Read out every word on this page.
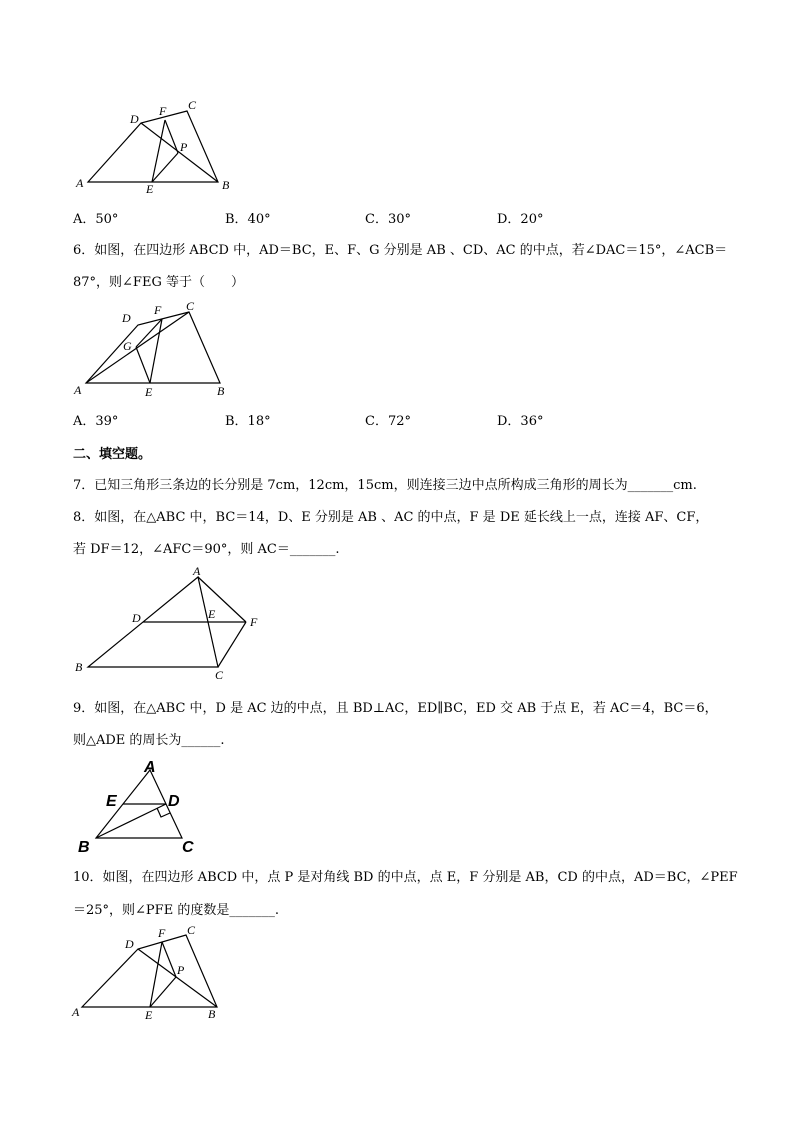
A	B
C
D
E
F
P
A．50°	B．40°	C．30°	D．20°
6．如图，在四边形 ABCD 中，AD＝BC，E、F、G 分别是 AB 、CD、AC 的中点，若∠DAC＝15°，∠ACB＝
87°，则∠FEG 等于（　　）
A	B
C
D
E
F
G
A．39°	B．18°	C．72°	D．36°
二、填空题。
7．已知三角形三条边的长分别是 7cm，12cm，15cm，则连接三边中点所构成三角形的周长为_______cm.
8．如图，在△ABC 中，BC＝14，D、E 分别是 AB 、AC 的中点，F 是 DE 延长线上一点，连接 AF、CF，
若 DF＝12，∠AFC＝90°，则 AC＝_______.
A
B
C
D	E
F
9．如图，在△ABC 中，D 是 AC 边的中点，且 BD⊥AC，ED∥BC，ED 交 AB 于点 E，若 AC＝4，BC＝6，
则△ADE 的周长为______.
A
B	C
D
E
10．如图，在四边形 ABCD 中，点 P 是对角线 BD 的中点，点 E，F 分别是 AB，CD 的中点，AD＝BC，∠PEF
＝25°，则∠PFE 的度数是_______.
A	B
C
D
E
F
P
